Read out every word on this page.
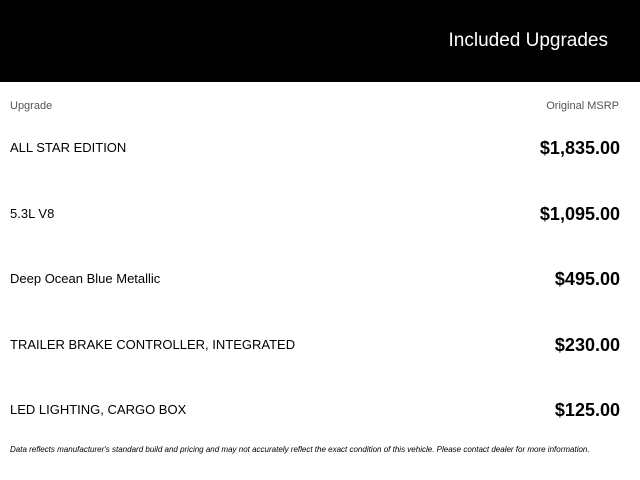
Included Upgrades
Upgrade	Original MSRP
ALL STAR EDITION	$1,835.00
5.3L V8	$1,095.00
Deep Ocean Blue Metallic	$495.00
TRAILER BRAKE CONTROLLER, INTEGRATED	$230.00
LED LIGHTING, CARGO BOX	$125.00
Data reflects manufacturer's standard build and pricing and may not accurately reflect the exact condition of this vehicle. Please contact dealer for more information.
